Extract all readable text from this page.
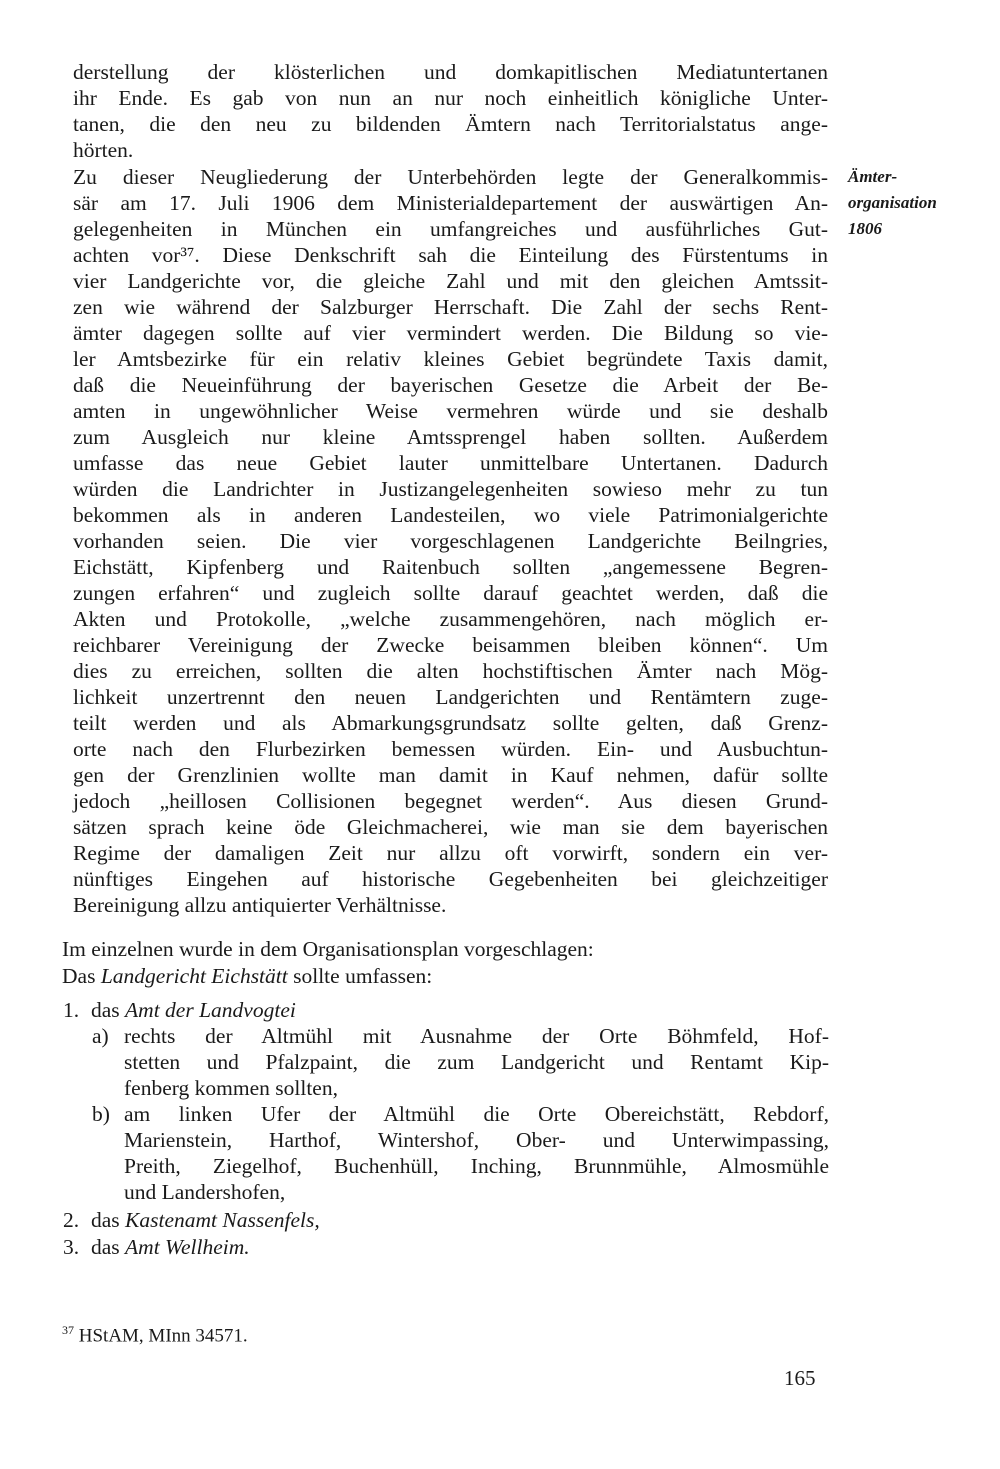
derstellung der klösterlichen und domkapitlischen Mediatuntertanen

ihr Ende. Es gab von nun an nur noch einheitlich königliche Unter-

tanen, die den neu zu bildenden Ämtern nach Territorialstatus ange-

hörten.

Zu dieser Neugliederung der Unterbehörden legte der Generalkommis-

sär am 17. Juli 1906 dem Ministerialdepartement der auswärtigen An-

gelegenheiten in München ein umfangreiches und ausführliches Gut-

achten vor³⁷. Diese Denkschrift sah die Einteilung des Fürstentums in

vier Landgerichte vor, die gleiche Zahl und mit den gleichen Amtssit-

zen wie während der Salzburger Herrschaft. Die Zahl der sechs Rent-

ämter dagegen sollte auf vier vermindert werden. Die Bildung so vie-

ler Amtsbezirke für ein relativ kleines Gebiet begründete Taxis damit,

daß die Neueinführung der bayerischen Gesetze die Arbeit der Be-

amten in ungewöhnlicher Weise vermehren würde und sie deshalb

zum Ausgleich nur kleine Amtssprengel haben sollten. Außerdem

umfasse das neue Gebiet lauter unmittelbare Untertanen. Dadurch

würden die Landrichter in Justizangelegenheiten sowieso mehr zu tun

bekommen als in anderen Landesteilen, wo viele Patrimonialgerichte

vorhanden seien. Die vier vorgeschlagenen Landgerichte Beilngries,

Eichstätt, Kipfenberg und Raitenbuch sollten „angemessene Begren-

zungen erfahren“ und zugleich sollte darauf geachtet werden, daß die

Akten und Protokolle, „welche zusammengehören, nach möglich er-

reichbarer Vereinigung der Zwecke beisammen bleiben können“. Um

dies zu erreichen, sollten die alten hochstiftischen Ämter nach Mög-

lichkeit unzertrennt den neuen Landgerichten und Rentämtern zuge-

teilt werden und als Abmarkungsgrundsatz sollte gelten, daß Grenz-

orte nach den Flurbezirken bemessen würden. Ein- und Ausbuchtun-

gen der Grenzlinien wollte man damit in Kauf nehmen, dafür sollte

jedoch „heillosen Collisionen begegnet werden“. Aus diesen Grund-

sätzen sprach keine öde Gleichmacherei, wie man sie dem bayerischen

Regime der damaligen Zeit nur allzu oft vorwirft, sondern ein ver-

nünftiges Eingehen auf historische Gegebenheiten bei gleichzeitiger

Bereinigung allzu antiquierter Verhältnisse.

Ämter-
organisation
1806

Im einzelnen wurde in dem Organisationsplan vorgeschlagen:

Das Landgericht Eichstätt sollte umfassen:

1. das Amt der Landvogtei
a) rechts der Altmühl mit Ausnahme der Orte Böhmfeld, Hof-
stetten und Pfalzpaint, die zum Landgericht und Rentamt Kip-
fenberg kommen sollten,
b) am linken Ufer der Altmühl die Orte Obereichstätt, Rebdorf,
Marienstein, Harthof, Wintershof, Ober- und Unterwimpassing,
Preith, Ziegelhof, Buchenhüll, Inching, Brunnmühle, Almosmühle
und Landershofen,
2. das Kastenamt Nassenfels,
3. das Amt Wellheim.
$^{37}$ HStAM, MInn 34571.
165
